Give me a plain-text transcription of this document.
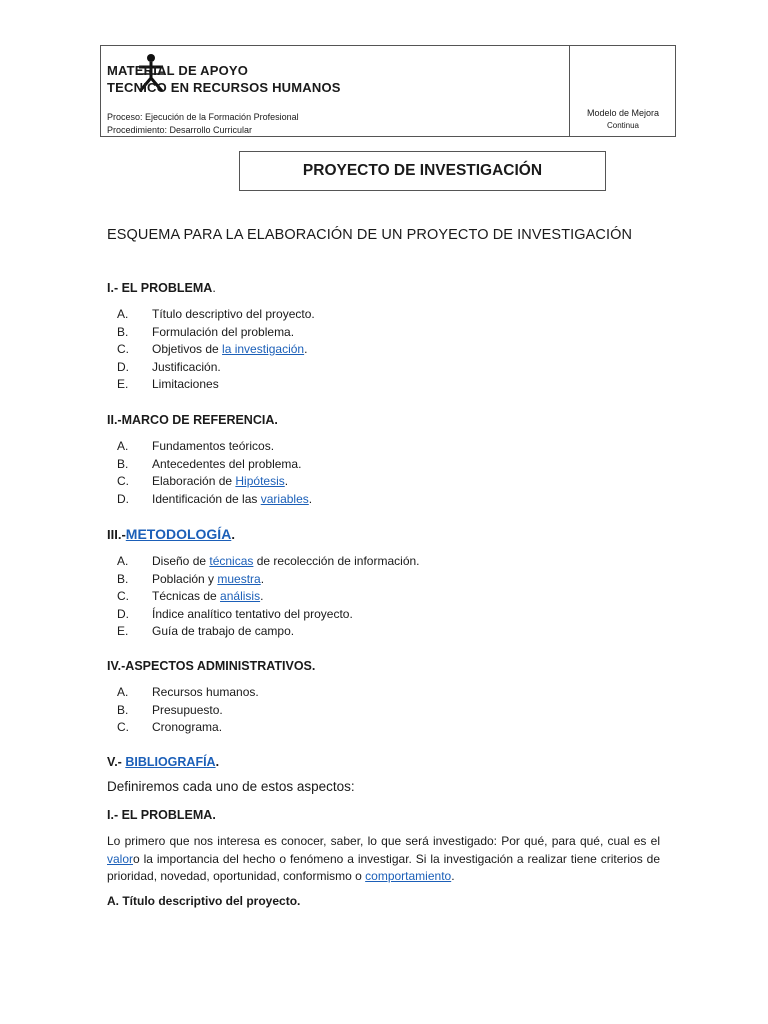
MATERIAL DE APOYO
TECNICO EN RECURSOS HUMANOS
Proceso: Ejecución de la Formación Profesional
Procedimiento: Desarrollo Curricular
Modelo de Mejora
Continua
PROYECTO DE INVESTIGACIÓN
ESQUEMA PARA LA ELABORACIÓN DE UN PROYECTO DE INVESTIGACIÓN
I.- EL PROBLEMA.
A. Título descriptivo del proyecto.
B. Formulación del problema.
C. Objetivos de la investigación.
D. Justificación.
E. Limitaciones
II.-MARCO DE REFERENCIA.
A. Fundamentos teóricos.
B. Antecedentes del problema.
C. Elaboración de Hipótesis.
D. Identificación de las variables.
III.-METODOLOGÍA.
A. Diseño de técnicas de recolección de información.
B. Población y muestra.
C. Técnicas de análisis.
D. Índice analítico tentativo del proyecto.
E. Guía de trabajo de campo.
IV.-ASPECTOS ADMINISTRATIVOS.
A. Recursos humanos.
B. Presupuesto.
C. Cronograma.
V.- BIBLIOGRAFÍA.
Definiremos cada uno de estos aspectos:
I.- EL PROBLEMA.
Lo primero que nos interesa es conocer, saber, lo que será investigado: Por qué, para qué, cual es el valoro la importancia del hecho o fenómeno a investigar. Si la investigación a realizar tiene criterios de prioridad, novedad, oportunidad, conformismo o comportamiento.
A. Título descriptivo del proyecto.
